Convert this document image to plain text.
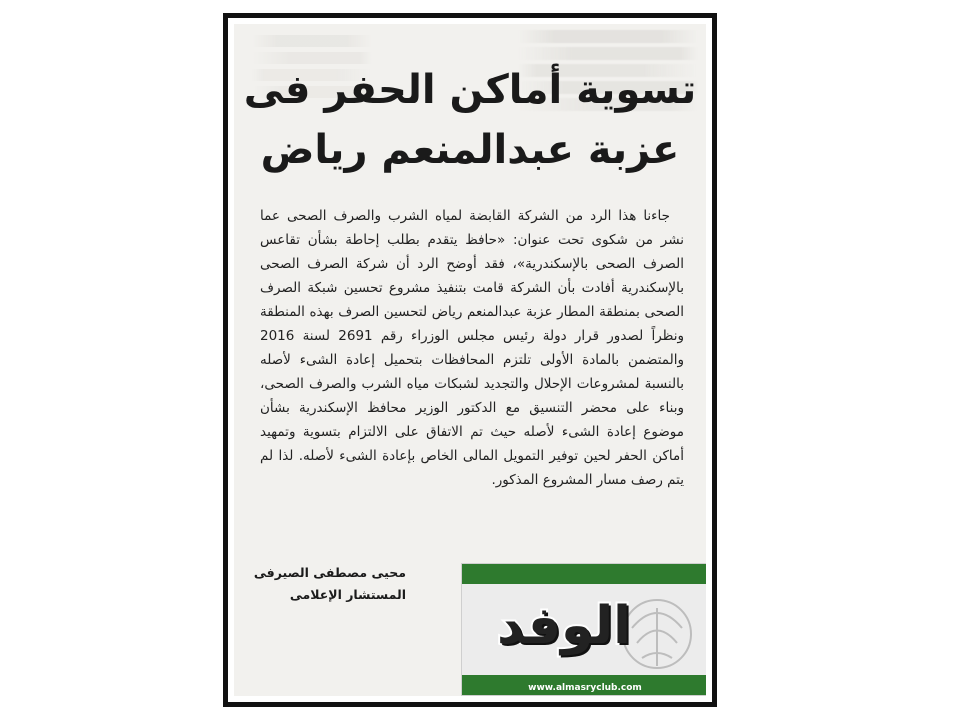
تسوية أماكن الحفر فى
عزبة عبدالمنعم رياض

جاءنا هذا الرد من الشركة القابضة لمياه الشرب والصرف الصحى عما نشر من شكوى تحت عنوان: «حافظ يتقدم بطلب إحاطة بشأن تقاعس الصرف الصحى بالإسكندرية»، فقد أوضح الرد أن شركة الصرف الصحى بالإسكندرية أفادت بأن الشركة قامت بتنفيذ مشروع تحسين شبكة الصرف الصحى بمنطقة المطار عزبة عبدالمنعم رياض لتحسين الصرف بهذه المنطقة ونظراً لصدور قرار دولة رئيس مجلس الوزراء رقم 2691 لسنة 2016 والمتضمن بالمادة الأولى تلتزم المحافظات بتحميل إعادة الشىء لأصله بالنسبة لمشروعات الإحلال والتجديد لشبكات مياه الشرب والصرف الصحى، وبناء على محضر التنسيق مع الدكتور الوزير محافظ الإسكندرية بشأن موضوع إعادة الشىء لأصله حيث تم الاتفاق على الالتزام بتسوية وتمهيد أماكن الحفر لحين توفير التمويل المالى الخاص بإعادة الشىء لأصله. لذا لم يتم رصف مسار المشروع المذكور.

محيى مصطفى الصيرفى
المستشار الإعلامى
الوفد
www.almasryclub.com
